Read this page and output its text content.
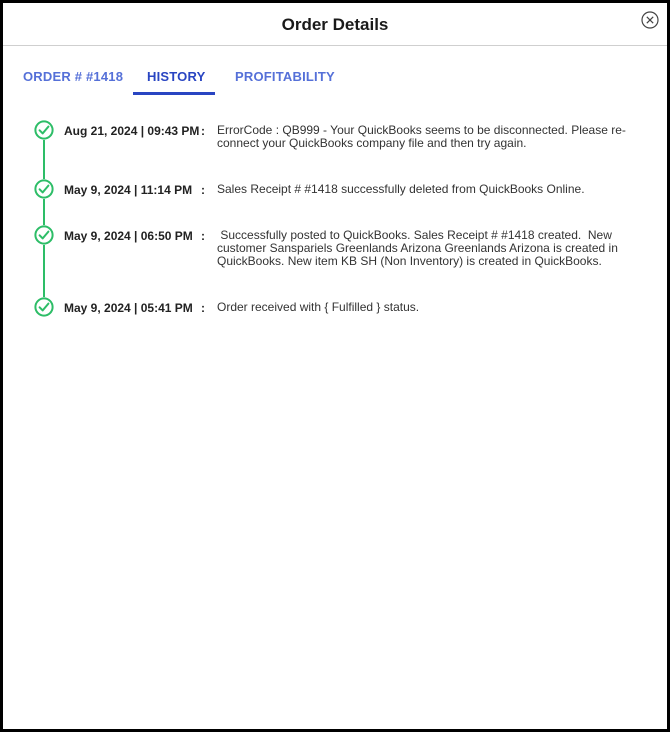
Order Details
ORDER # #1418 HISTORY PROFITABILITY
Aug 21, 2024 | 09:43 PM : ErrorCode : QB999 - Your QuickBooks seems to be disconnected. Please re-
connect your QuickBooks company file and then try again.
May 9, 2024 | 11:14 PM : Sales Receipt # #1418 successfully deleted from QuickBooks Online.
May 9, 2024 | 06:50 PM : Successfully posted to QuickBooks. Sales Receipt # #1418 created.  New
customer Sanspariels Greenlands Arizona Greenlands Arizona is created in
QuickBooks. New item KB SH (Non Inventory) is created in QuickBooks.
May 9, 2024 | 05:41 PM : Order received with { Fulfilled } status.
